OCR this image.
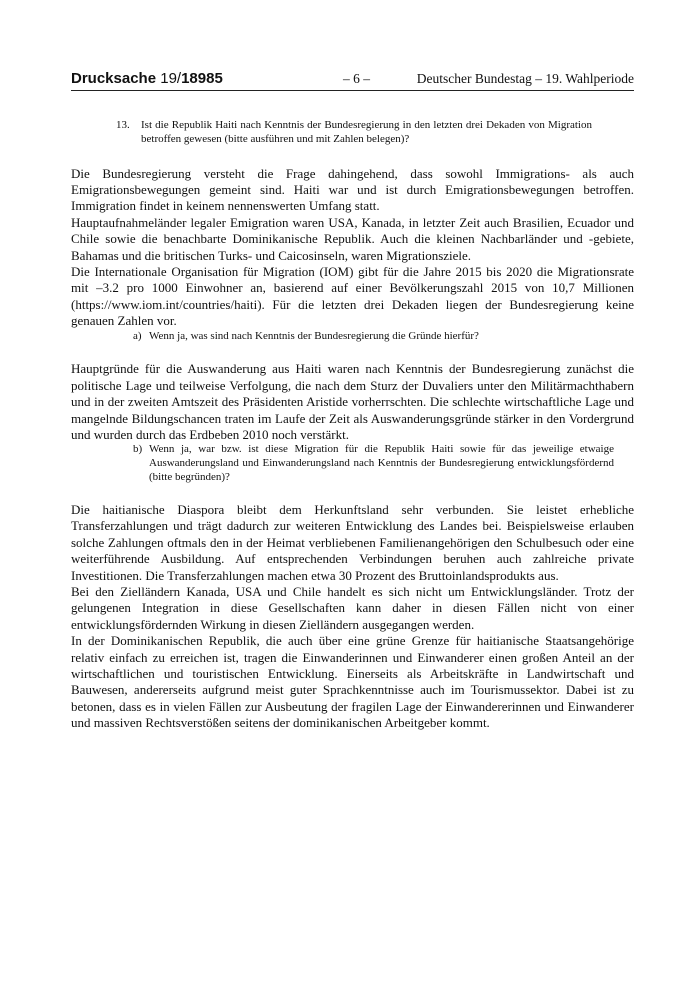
Drucksache 19/18985	– 6 –	Deutscher Bundestag – 19. Wahlperiode
13. Ist die Republik Haiti nach Kenntnis der Bundesregierung in den letzten drei Dekaden von Migration betroffen gewesen (bitte ausführen und mit Zahlen belegen)?

Die Bundesregierung versteht die Frage dahingehend, dass sowohl Immigrations- als auch Emigrationsbewegungen gemeint sind. Haiti war und ist durch Emigrationsbewegungen betroffen. Immigration findet in keinem nennenswerten Umfang statt.

Hauptaufnahmeländer legaler Emigration waren USA, Kanada, in letzter Zeit auch Brasilien, Ecuador und Chile sowie die benachbarte Dominikanische Republik. Auch die kleinen Nachbarländer und -gebiete, Bahamas und die britischen Turks- und Caicosinseln, waren Migrationsziele.

Die Internationale Organisation für Migration (IOM) gibt für die Jahre 2015 bis 2020 die Migrationsrate mit –3.2 pro 1000 Einwohner an, basierend auf einer Bevölkerungszahl 2015 von 10,7 Millionen (https://www.iom.int/countries/haiti). Für die letzten drei Dekaden liegen der Bundesregierung keine genauen Zahlen vor.

a) Wenn ja, was sind nach Kenntnis der Bundesregierung die Gründe hierfür?

Hauptgründe für die Auswanderung aus Haiti waren nach Kenntnis der Bundesregierung zunächst die politische Lage und teilweise Verfolgung, die nach dem Sturz der Duvaliers unter den Militärmachthabern und in der zweiten Amtszeit des Präsidenten Aristide vorherrschten. Die schlechte wirtschaftliche Lage und mangelnde Bildungschancen traten im Laufe der Zeit als Auswanderungsgründe stärker in den Vordergrund und wurden durch das Erdbeben 2010 noch verstärkt.

b) Wenn ja, war bzw. ist diese Migration für die Republik Haiti sowie für das jeweilige etwaige Auswanderungsland und Einwanderungsland nach Kenntnis der Bundesregierung entwicklungsfördernd (bitte begründen)?

Die haitianische Diaspora bleibt dem Herkunftsland sehr verbunden. Sie leistet erhebliche Transferzahlungen und trägt dadurch zur weiteren Entwicklung des Landes bei. Beispielsweise erlauben solche Zahlungen oftmals den in der Heimat verbliebenen Familienangehörigen den Schulbesuch oder eine weiterführende Ausbildung. Auf entsprechenden Verbindungen beruhen auch zahlreiche private Investitionen. Die Transferzahlungen machen etwa 30 Prozent des Bruttoinlandsprodukts aus.

Bei den Zielländern Kanada, USA und Chile handelt es sich nicht um Entwicklungsländer. Trotz der gelungenen Integration in diese Gesellschaften kann daher in diesen Fällen nicht von einer entwicklungsfördernden Wirkung in diesen Zielländern ausgegangen werden.

In der Dominikanischen Republik, die auch über eine grüne Grenze für haitianische Staatsangehörige relativ einfach zu erreichen ist, tragen die Einwanderinnen und Einwanderer einen großen Anteil an der wirtschaftlichen und touristischen Entwicklung. Einerseits als Arbeitskräfte in Landwirtschaft und Bauwesen, andererseits aufgrund meist guter Sprachkenntnisse auch im Tourismussektor. Dabei ist zu betonen, dass es in vielen Fällen zur Ausbeutung der fragilen Lage der Einwandererinnen und Einwanderer und massiven Rechtsverstößen seitens der dominikanischen Arbeitgeber kommt.
